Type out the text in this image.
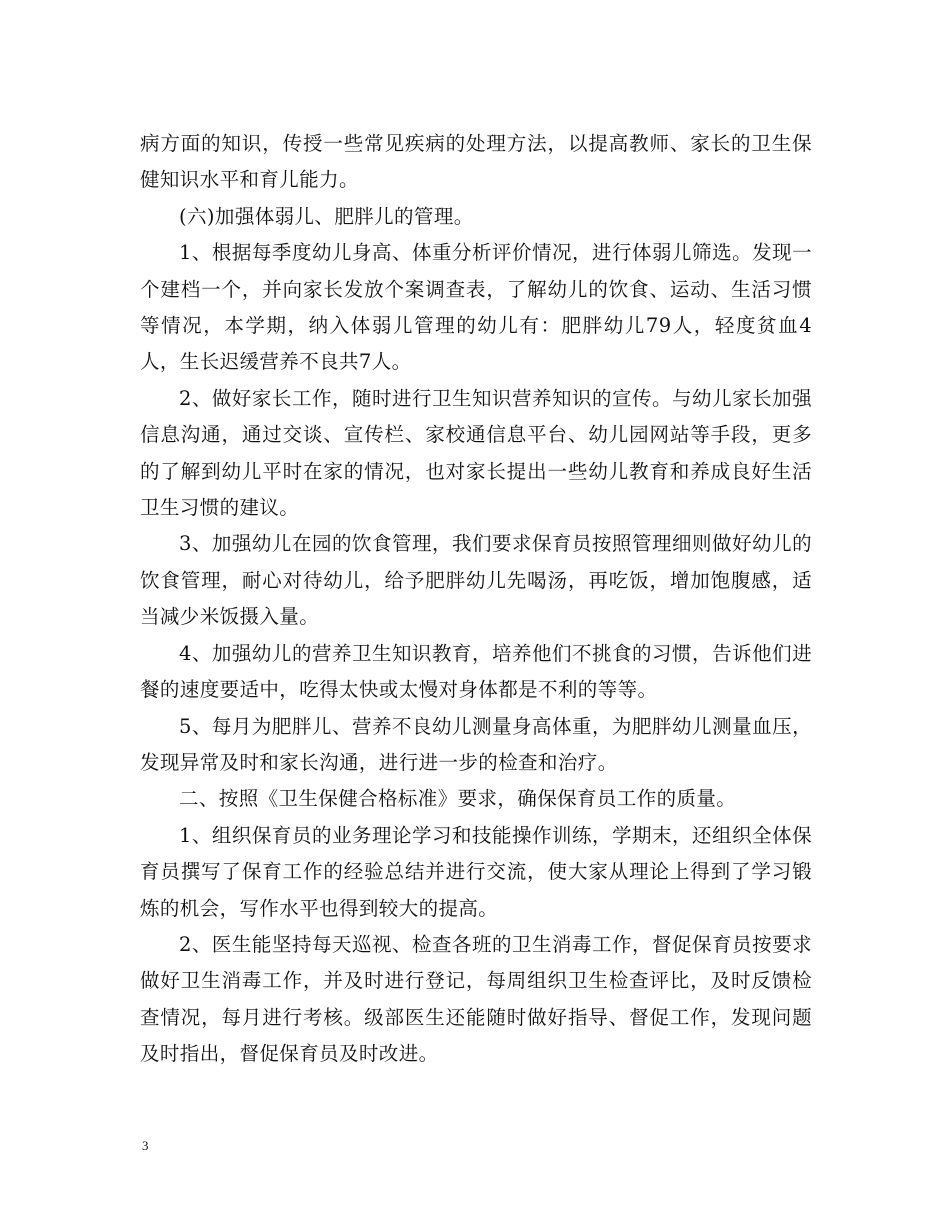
病方面的知识，传授一些常见疾病的处理方法，以提高教师、家长的卫生保健知识水平和育儿能力。

(六)加强体弱儿、肥胖儿的管理。

1、根据每季度幼儿身高、体重分析评价情况，进行体弱儿筛选。发现一个建档一个，并向家长发放个案调查表，了解幼儿的饮食、运动、生活习惯等情况，本学期，纳入体弱儿管理的幼儿有：肥胖幼儿79人，轻度贫血4人，生长迟缓营养不良共7人。

2、做好家长工作，随时进行卫生知识营养知识的宣传。与幼儿家长加强信息沟通，通过交谈、宣传栏、家校通信息平台、幼儿园网站等手段，更多的了解到幼儿平时在家的情况，也对家长提出一些幼儿教育和养成良好生活卫生习惯的建议。

3、加强幼儿在园的饮食管理，我们要求保育员按照管理细则做好幼儿的饮食管理，耐心对待幼儿，给予肥胖幼儿先喝汤，再吃饭，增加饱腹感，适当减少米饭摄入量。

4、加强幼儿的营养卫生知识教育，培养他们不挑食的习惯，告诉他们进餐的速度要适中，吃得太快或太慢对身体都是不利的等等。

5、每月为肥胖儿、营养不良幼儿测量身高体重，为肥胖幼儿测量血压，发现异常及时和家长沟通，进行进一步的检查和治疗。

二、按照《卫生保健合格标准》要求，确保保育员工作的质量。

1、组织保育员的业务理论学习和技能操作训练，学期末，还组织全体保育员撰写了保育工作的经验总结并进行交流，使大家从理论上得到了学习锻炼的机会，写作水平也得到较大的提高。

2、医生能坚持每天巡视、检查各班的卫生消毒工作，督促保育员按要求做好卫生消毒工作，并及时进行登记，每周组织卫生检查评比，及时反馈检查情况，每月进行考核。级部医生还能随时做好指导、督促工作，发现问题及时指出，督促保育员及时改进。

3
